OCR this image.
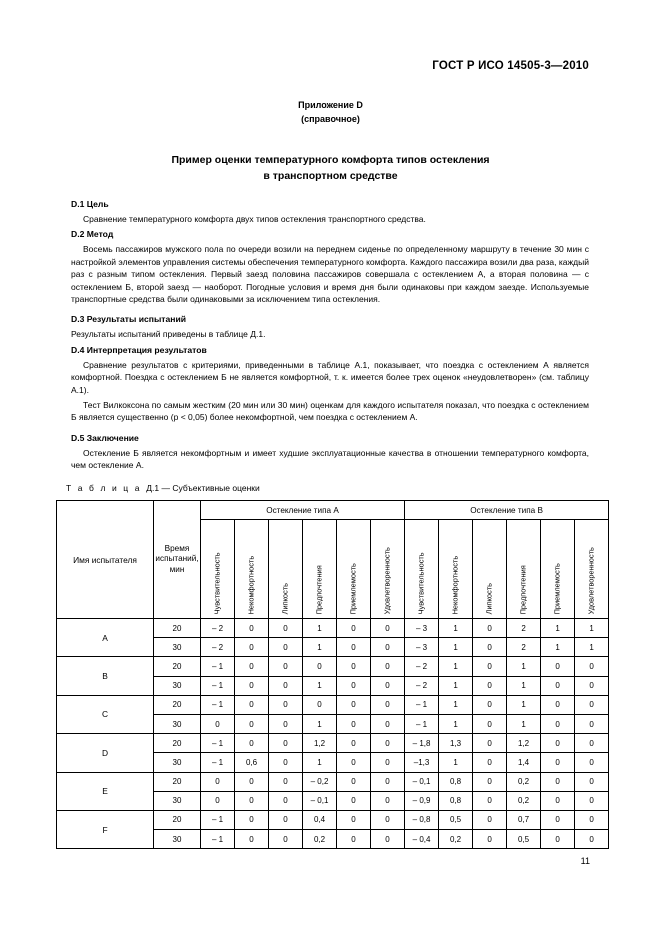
ГОСТ Р ИСО 14505-3—2010
Приложение D
(справочное)
Пример оценки температурного комфорта типов остекления
в транспортном средстве
D.1 Цель

Сравнение температурного комфорта двух типов остекления транспортного средства.

D.2 Метод

Восемь пассажиров мужского пола по очереди возили на переднем сиденье по определенному маршруту в течение 30 мин с настройкой элементов управления системы обеспечения температурного комфорта. Каждого пассажира возили два раза, каждый раз с разным типом остекления. Первый заезд половина пассажиров совершала с остеклением А, а вторая половина — с остеклением Б, второй заезд — наоборот. Погодные условия и время дня были одинаковы при каждом заезде. Используемые транспортные средства были одинаковыми за исключением типа остекления.

D.3 Результаты испытаний

Результаты испытаний приведены в таблице Д.1.

D.4 Интерпретация результатов

Сравнение результатов с критериями, приведенными в таблице А.1, показывает, что поездка с остеклением А является комфортной. Поездка с остеклением Б не является комфортной, т. к. имеется более трех оценок «неудовлетворен» (см. таблицу А.1).

Тест Вилкоксона по самым жестким (20 мин или 30 мин) оценкам для каждого испытателя показал, что поездка с остеклением Б является существенно (p < 0,05) более некомфортной, чем поездка с остеклением А.

D.5 Заключение

Остекление Б является некомфортным и имеет худшие эксплуатационные качества в отношении температурного комфорта, чем остекление А.

Т а б л и ц а Д.1 — Субъективные оценки
Имя испытателя	Время
испытаний,
мин	Остекление типа А						Остекление типа В					

		Чувствительность	Некомфортность	Липкость	Предпочтения	Приемлемость	Удовлетворенность	Чувствительность	Некомфортность	Липкость	Предпочтения	Приемлемость	Удовлетворенность

A	20	– 2	0	0	1	0	0	– 3	1	0	2	1	1
	30	– 2	0	0	1	0	0	– 3	1	0	2	1	1
B	20	– 1	0	0	0	0	0	– 2	1	0	1	0	0
	30	– 1	0	0	1	0	0	– 2	1	0	1	0	0
C	20	– 1	0	0	0	0	0	– 1	1	0	1	0	0
	30	0	0	0	1	0	0	– 1	1	0	1	0	0
D	20	– 1	0	0	1,2	0	0	– 1,8	1,3	0	1,2	0	0
	30	– 1	0,6	0	1	0	0	–1,3	1	0	1,4	0	0
E	20	0	0	0	– 0,2	0	0	– 0,1	0,8	0	0,2	0	0
	30	0	0	0	– 0,1	0	0	– 0,9	0,8	0	0,2	0	0
F	20	– 1	0	0	0,4	0	0	– 0,8	0,5	0	0,7	0	0
	30	– 1	0	0	0,2	0	0	– 0,4	0,2	0	0,5	0	0
11
